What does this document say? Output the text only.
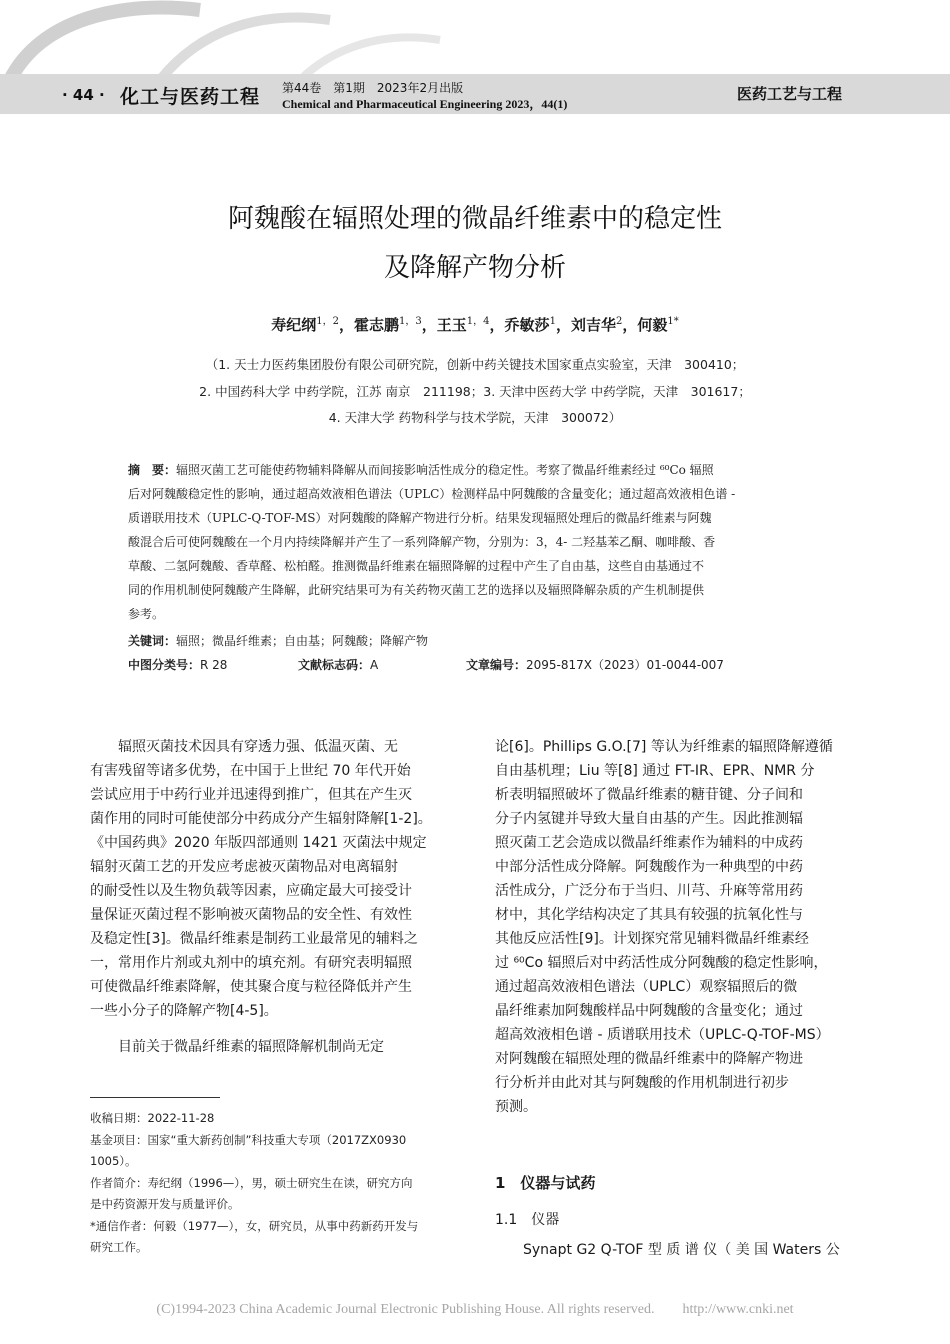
· 44 · 化工与医药工程 第44卷　第1期　2023年2月出版
Chemical and Pharmaceutical Engineering 2023，44(1)
医药工艺与工程
阿魏酸在辐照处理的微晶纤维素中的稳定性
及降解产物分析
寿纪纲$^{1,2}$，霍志鹏$^{1,3}$，王玉$^{1,4}$，乔敏莎$^1$，刘吉华$^2$，何毅$^{1*}$
（1. 天士力医药集团股份有限公司研究院，创新中药关键技术国家重点实验室，天津　300410；
2. 中国药科大学 中药学院，江苏 南京　211198；3. 天津中医药大学 中药学院，天津　301617；
4. 天津大学 药物科学与技术学院，天津　300072）
摘　要：辐照灭菌工艺可能使药物辅料降解从而间接影响活性成分的稳定性。考察了微晶纤维素经过 ⁶⁰Co 辐照
后对阿魏酸稳定性的影响，通过超高效液相色谱法（UPLC）检测样品中阿魏酸的含量变化；通过超高效液相色谱 -
质谱联用技术（UPLC-Q-TOF-MS）对阿魏酸的降解产物进行分析。结果发现辐照处理后的微晶纤维素与阿魏
酸混合后可使阿魏酸在一个月内持续降解并产生了一系列降解产物，分别为：3，4- 二羟基苯乙酮、咖啡酸、香
草酸、二氢阿魏酸、香草醛、松柏醛。推测微晶纤维素在辐照降解的过程中产生了自由基，这些自由基通过不
同的作用机制使阿魏酸产生降解，此研究结果可为有关药物灭菌工艺的选择以及辐照降解杂质的产生机制提供
参考。
关键词：辐照；微晶纤维素；自由基；阿魏酸；降解产物
中图分类号：R 28	文献标志码：A	文章编号：2095-817X（2023）01-0044-007
　　辐照灭菌技术因具有穿透力强、低温灭菌、无
有害残留等诸多优势，在中国于上世纪 70 年代开始
尝试应用于中药行业并迅速得到推广，但其在产生灭
菌作用的同时可能使部分中药成分产生辐射降解[1-2]。
《中国药典》2020 年版四部通则 1421 灭菌法中规定
辐射灭菌工艺的开发应考虑被灭菌物品对电离辐射
的耐受性以及生物负载等因素，应确定最大可接受计
量保证灭菌过程不影响被灭菌物品的安全性、有效性
及稳定性[3]。微晶纤维素是制药工业最常见的辅料之
一，常用作片剂或丸剂中的填充剂。有研究表明辐照
可使微晶纤维素降解，使其聚合度与粒径降低并产生
一些小分子的降解产物[4-5]。
　　目前关于微晶纤维素的辐照降解机制尚无定
收稿日期：2022-11-28
基金项目：国家“重大新药创制”科技重大专项（2017ZX0930
1005）。
作者简介：寿纪纲（1996—），男，硕士研究生在读，研究方向
是中药资源开发与质量评价。
*通信作者：何毅（1977—），女，研究员，从事中药新药开发与
研究工作。
论[6]。Phillips G.O.[7] 等认为纤维素的辐照降解遵循
自由基机理；Liu 等[8] 通过 FT-IR、EPR、NMR 分
析表明辐照破坏了微晶纤维素的糖苷键、分子间和
分子内氢键并导致大量自由基的产生。因此推测辐
照灭菌工艺会造成以微晶纤维素作为辅料的中成药
中部分活性成分降解。阿魏酸作为一种典型的中药
活性成分，广泛分布于当归、川芎、升麻等常用药
材中，其化学结构决定了其具有较强的抗氧化性与
其他反应活性[9]。计划探究常见辅料微晶纤维素经
过 ⁶⁰Co 辐照后对中药活性成分阿魏酸的稳定性影响，
通过超高效液相色谱法（UPLC）观察辐照后的微
晶纤维素加阿魏酸样品中阿魏酸的含量变化；通过
超高效液相色谱 - 质谱联用技术（UPLC-Q-TOF-MS）
对阿魏酸在辐照处理的微晶纤维素中的降解产物进
行分析并由此对其与阿魏酸的作用机制进行初步
预测。
1　仪器与试药
1.1　仪器
　　Synapt G2 Q-TOF 型 质 谱 仪（ 美 国 Waters 公
(C)1994-2023 China Academic Journal Electronic Publishing House. All rights reserved.　　http://www.cnki.net
